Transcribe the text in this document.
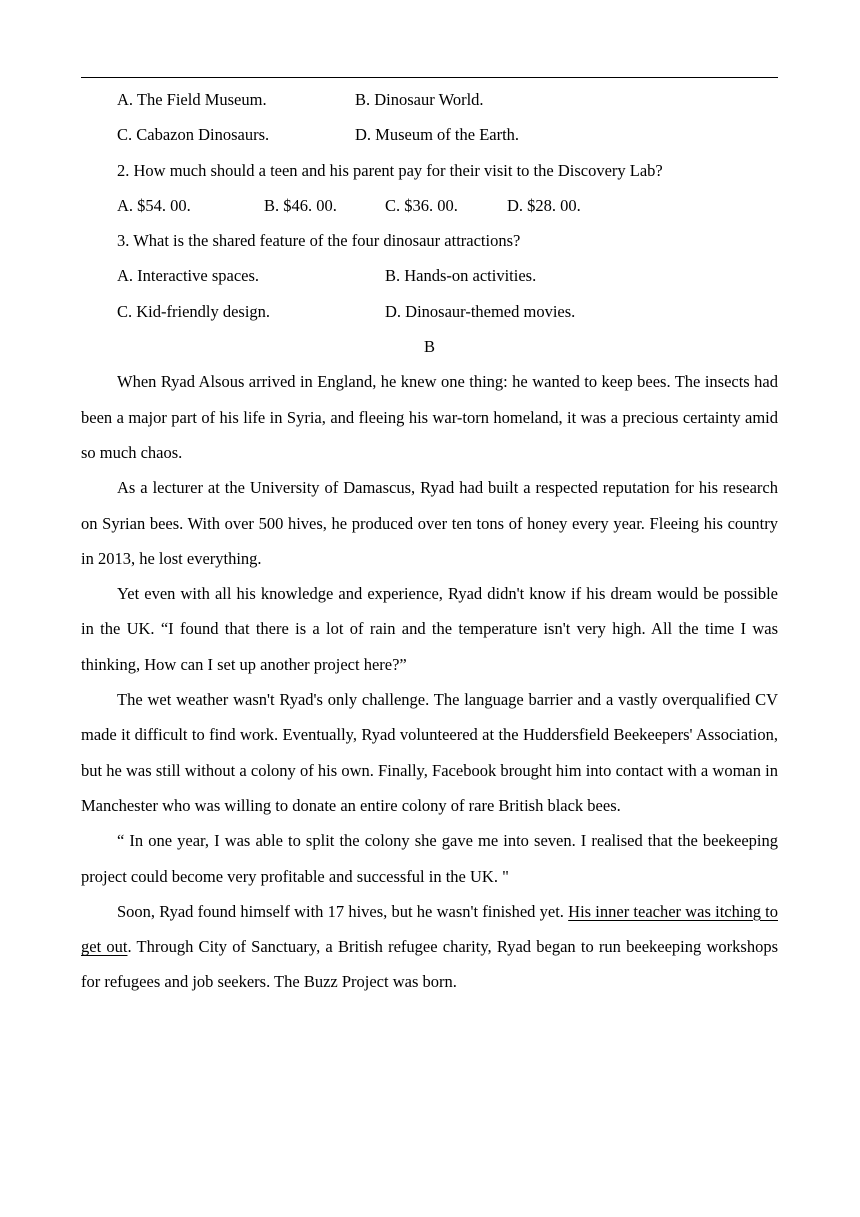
A. The Field Museum.	B. Dinosaur World.
C. Cabazon Dinosaurs.	D. Museum of the Earth.
2. How much should a teen and his parent pay for their visit to the Discovery Lab?
A. $54. 00.	B. $46. 00.	C. $36. 00.	D. $28. 00.
3. What is the shared feature of the four dinosaur attractions?
A. Interactive spaces.	B. Hands-on activities.
C. Kid-friendly design.	D. Dinosaur-themed movies.
B

When Ryad Alsous arrived in England, he knew one thing: he wanted to keep bees. The insects had been a major part of his life in Syria, and fleeing his war-torn homeland, it was a precious certainty amid so much chaos.

As a lecturer at the University of Damascus, Ryad had built a respected reputation for his research on Syrian bees. With over 500 hives, he produced over ten tons of honey every year. Fleeing his country in 2013, he lost everything.

Yet even with all his knowledge and experience, Ryad didn't know if his dream would be possible in the UK. “I found that there is a lot of rain and the temperature isn't very high. All the time I was thinking, How can I set up another project here?”

The wet weather wasn't Ryad's only challenge. The language barrier and a vastly overqualified CV made it difficult to find work. Eventually, Ryad volunteered at the Huddersfield Beekeepers' Association, but he was still without a colony of his own. Finally, Facebook brought him into contact with a woman in Manchester who was willing to donate an entire colony of rare British black bees.

“ In one year, I was able to split the colony she gave me into seven. I realised that the beekeeping project could become very profitable and successful in the UK. "

Soon, Ryad found himself with 17 hives, but he wasn't finished yet. His inner teacher was itching to get out. Through City of Sanctuary, a British refugee charity, Ryad began to run beekeeping workshops for refugees and job seekers. The Buzz Project was born.
